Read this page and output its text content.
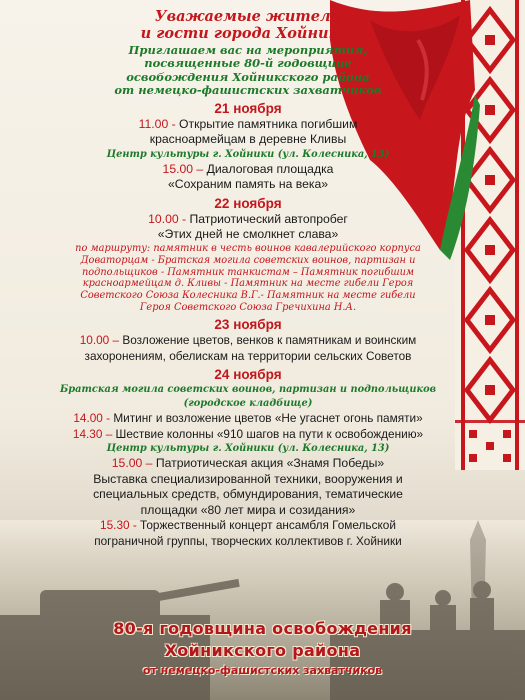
Уважаемые жители

и гости города Хойники!

Приглашаем вас на мероприятия,

посвященные 80-й годовщине

освобождения Хойникского района

от немецко-фашистских захватчиков

21 ноября

11.00 - Открытие памятника погибшим

красноармейцам в деревне Кливы

Центр культуры г. Хойники (ул. Колесника, 13)

15.00 – Диалоговая площадка

«Сохраним память на века»

22 ноября

10.00 - Патриотический автопробег

«Этих дней не смолкнет слава»

по маршруту: памятник в честь воинов кавалерийского корпуса

Доваторцам - Братская могила советских воинов, партизан и

подпольщиков - Памятник танкистам – Памятник погибшим

красноармейцам д. Кливы - Памятник на месте гибели Героя

Советского Союза Колесника В.Г.- Памятник на месте гибели

Героя Советского Союза Гречихина Н.А.

23 ноября

10.00 – Возложение цветов, венков к памятникам и воинским

захоронениям, обелискам на территории сельских Советов

24 ноября

Братская могила советских воинов, партизан и подпольщиков

(городское кладбище)

14.00 - Митинг и возложение цветов «Не угаснет огонь памяти»

14.30 – Шествие колонны «910 шагов на пути к освобождению»

Центр культуры г. Хойники (ул. Колесника, 13)

15.00 – Патриотическая акция «Знамя Победы»

Выставка специализированной техники, вооружения и

специальных средств, обмундирования, тематические

площадки «80 лет мира и созидания»

15.30 - Торжественный концерт ансамбля Гомельской

пограничной группы, творческих коллективов г. Хойники

80-я годовщина освобождения

Хойникского района

от немецко-фашистских захватчиков
